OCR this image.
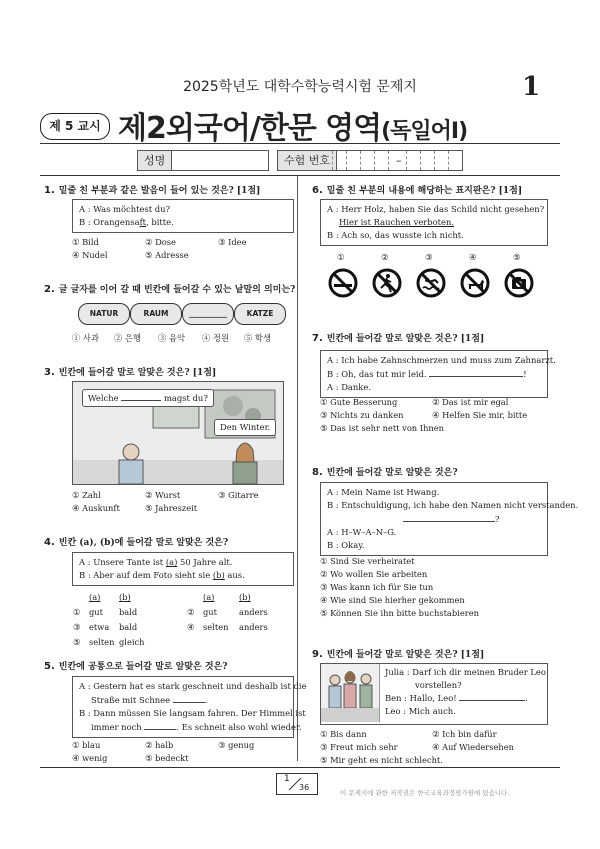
2025학년도 대학수학능력시험 문제지	1
제 5 교시 제2외국어/한문 영역(독일어Ⅰ)
성명	수험 번호	–
1. 밑줄 친 부분과 같은 발음이 들어 있는 것은? [1점]
A : Was möchtest du?
B : Orangensaft, bitte.
① Bild	② Dose	③ Idee
④ Nudel	⑤ Adresse
2. 글 글자를 이어 갈 때 빈칸에 들어갈 수 있는 낱말의 의미는?
NATUR	RAUM	__________	KATZE
① 사과 ② 은행 ③ 음악 ④ 정원 ⑤ 학생
3. 빈칸에 들어갈 말로 알맞은 것은? [1점]
Welche	magst du?
Den Winter.
① Zahl	② Wurst	③ Gitarre
④ Auskunft	⑤ Jahreszeit
4. 빈칸 (a), (b)에 들어갈 말로 알맞은 것은?
A : Unsere Tante ist (a) 50 Jahre alt.
B : Aber auf dem Foto sieht sie (b) aus.
	(a)	(b)		(a)	(b)
①	gut	bald	②	gut	anders
③	etwa	bald	④	selten	anders
⑤	selten	gleich			
5. 빈칸에 공통으로 들어갈 말로 알맞은 것은?
A : Gestern hat es stark geschneit und deshalb ist die
Straße mit Schnee	.
B : Dann müssen Sie langsam fahren. Der Himmel ist
immer noch	. Es schneit also wohl wieder.
① blau	② halb	③ genug
④ wenig	⑤ bedeckt
6. 밑줄 친 부분의 내용에 해당하는 표지판은? [1점]
A : Herr Holz, haben Sie das Schild nicht gesehen?
Hier ist Rauchen verboten.
B : Ach so, das wusste ich nicht.
①	②	③	④	⑤
7. 빈칸에 들어갈 말로 알맞은 것은? [1점]
A : Ich habe Zahnschmerzen und muss zum Zahnarzt.
B : Oh, das tut mir leid.	!
A : Danke.
① Gute Besserung	② Das ist mir egal
③ Nichts zu danken	④ Helfen Sie mir, bitte
⑤ Das ist sehr nett von Ihnen
8. 빈칸에 들어갈 말로 알맞은 것은?
A : Mein Name ist Hwang.
B : Entschuldigung, ich habe den Namen nicht verstanden.
?
A : H–W–A–N–G.
B : Okay.
① Sind Sie verheiratet
② Wo wollen Sie arbeiten
③ Was kann ich für Sie tun
④ Wie sind Sie hierher gekommen
⑤ Können Sie ihn bitte buchstabieren
9. 빈칸에 들어갈 말로 알맞은 것은? [1점]
Julia : Darf ich dir meinen Bruder Leo
vorstellen?
Ben : Hallo, Leo!	.
Leo : Mich auch.
① Bis dann	② Ich bin dafür
③ Freut mich sehr	④ Auf Wiedersehen
⑤ Mir geht es nicht schlecht.
1
36
이 문제지에 관한 저작권은 한국교육과정평가원에 있습니다.
